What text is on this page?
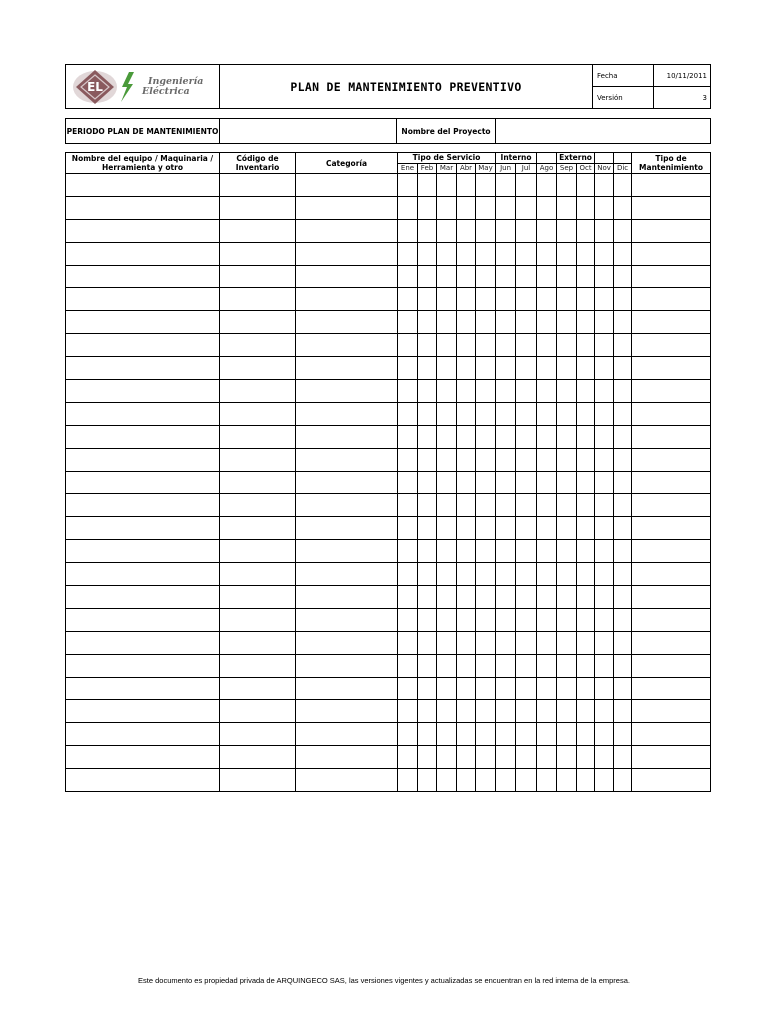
EL Ingeniería
Eléctrica	PLAN DE MANTENIMIENTO PREVENTIVO	Fecha	10/11/2011
		Versión	3
PERIODO PLAN DE MANTENIMIENTO		Nombre del Proyecto	
Nombre del equipo / Maquinaria / Herramienta y otro	Código de Inventario	Categoría	Tipo de Servicio					Interno			Externo				Tipo de Mantenimiento
			Ene	Feb	Mar	Abr	May	Jun	Jul	Ago	Sep	Oct	Nov	Dic	

Este documento es propiedad privada de ARQUINGECO SAS, las versiones vigentes y actualizadas se encuentran en la red interna de la empresa.
